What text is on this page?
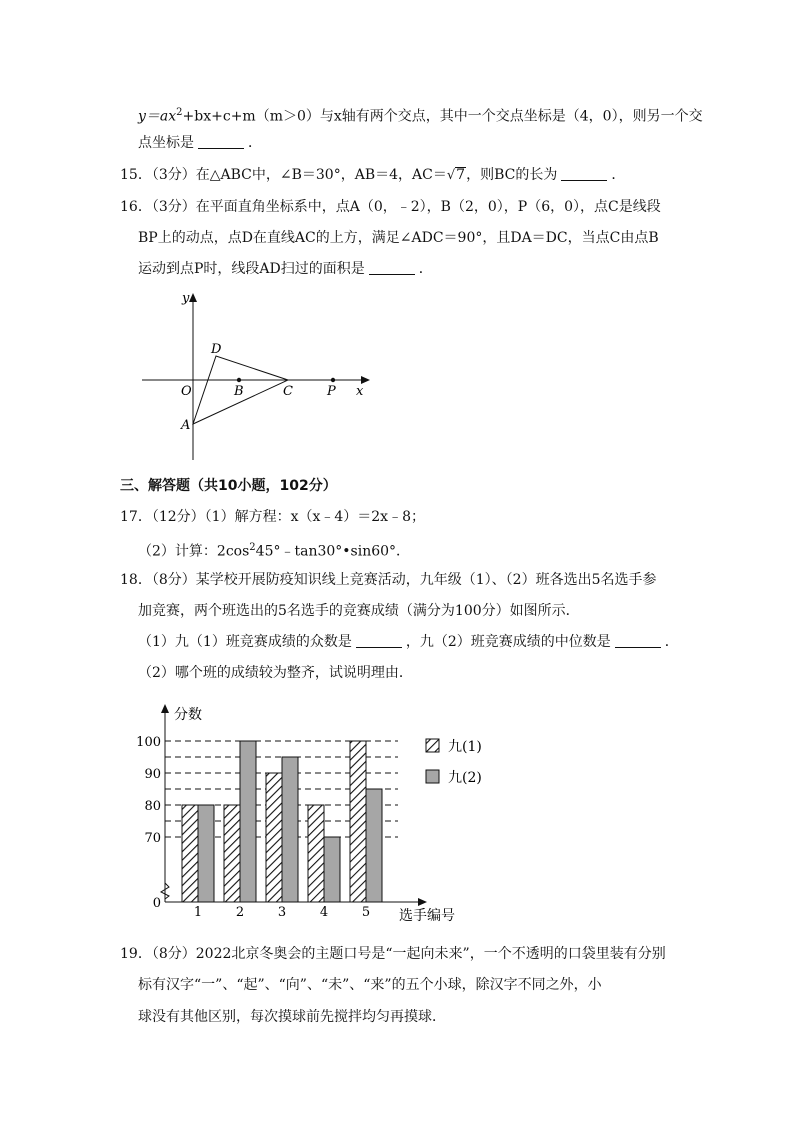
$y=ax^2+bx+c+m(m>0)$与x轴有两个交点，其中一个交点坐标是（4，0），则另一个交
点坐标是	．
15．（3分）在△ABC中，∠B＝30°，AB＝4，AC＝√7，则BC的长为	．
16．（3分）在平面直角坐标系中，点A（0，﹣2），B（2，0），P（6，0），点C是线段
BP上的动点，点D在直线AC的上方，满足∠ADC＝90°，且DA＝DC，当点C由点B
运动到点P时，线段AD扫过的面积是	．
y
x
O
A
B	C
D
P
三、解答题（共10小题，102分）
17．（12分）（1）解方程：x（x﹣4）＝2x﹣8；
（2）计算：$2\cos^245^\circ﹣\tan 30^\circ•\sin 60^\circ$．
18．（8分）某学校开展防疫知识线上竞赛活动，九年级（1）、（2）班各选出5名选手参
加竞赛，两个班选出的5名选手的竞赛成绩（满分为100分）如图所示．
（1）九（1）班竞赛成绩的众数是	，九（2）班竞赛成绩的中位数是	．
（2）哪个班的成绩较为整齐，试说明理由．
0
70
80
90
100
1	2	3	4	5
分数
选手编号
九(1)
九(2)
19．（8分）2022北京冬奥会的主题口号是“一起向未来”，一个不透明的口袋里装有分别
标有汉字“一”、“起”、“向”、“未”、“来”的五个小球，除汉字不同之外，小
球没有其他区别，每次摸球前先搅拌均匀再摸球．
